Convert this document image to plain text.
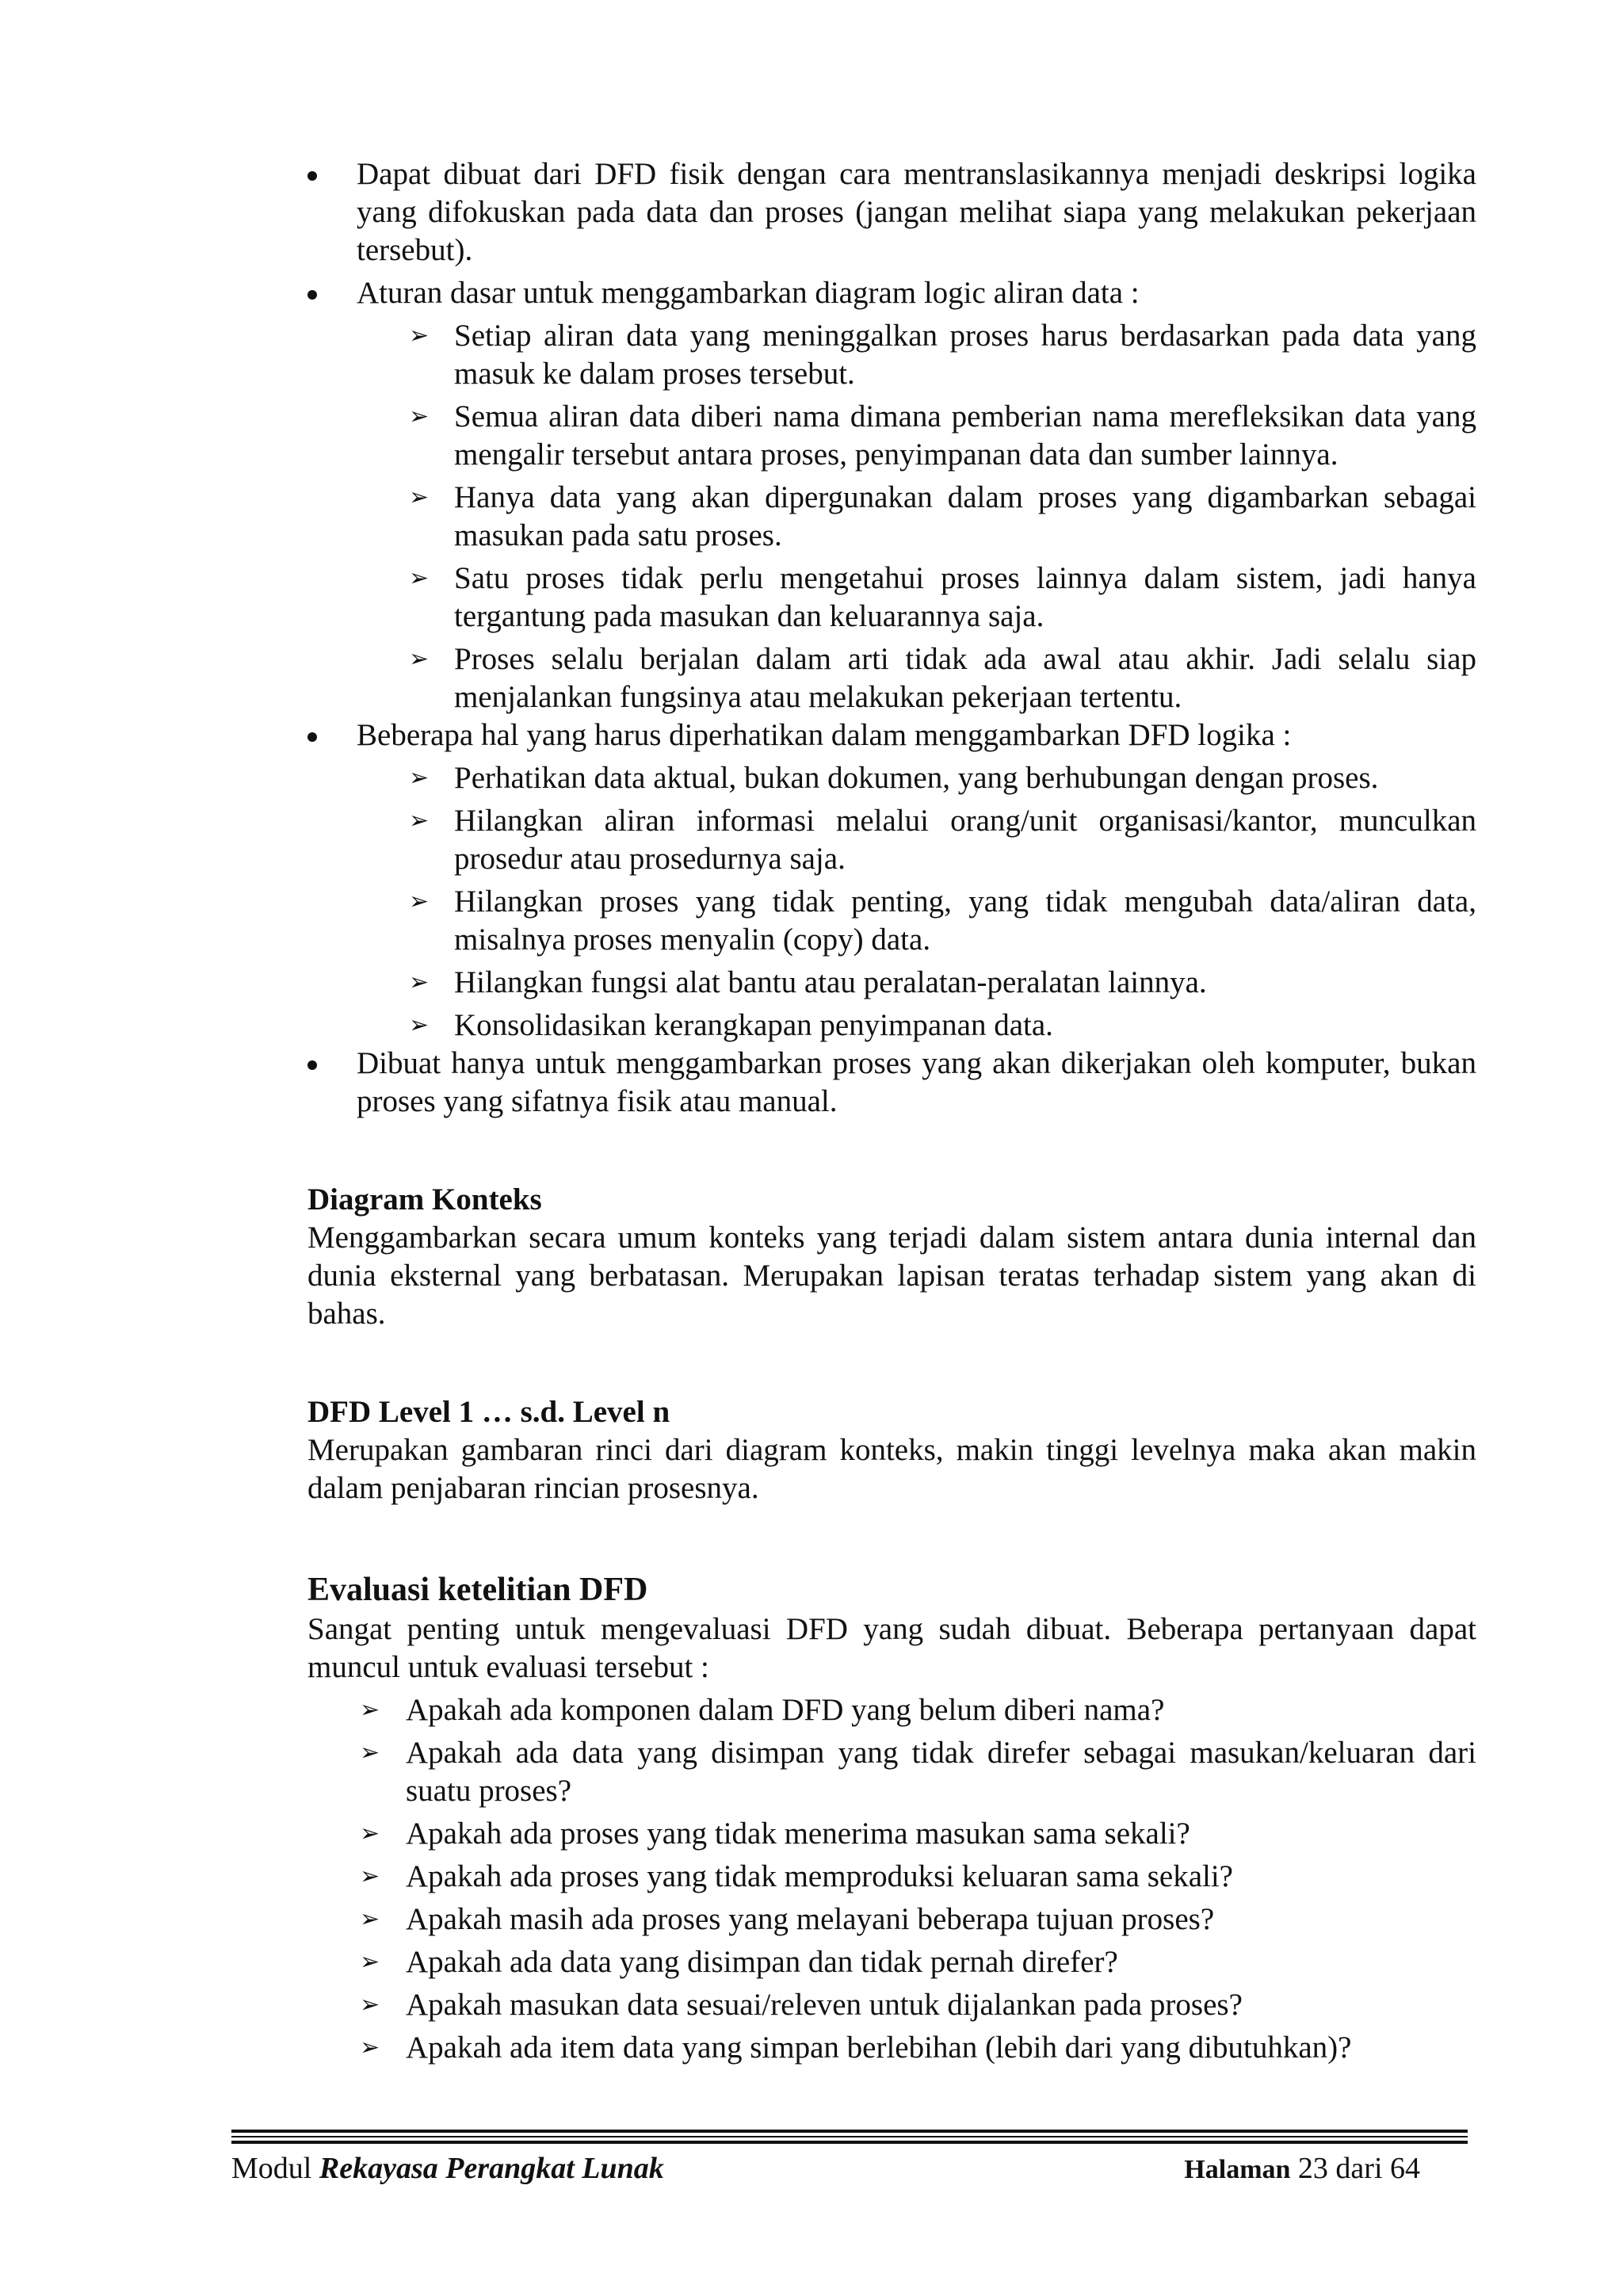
Dapat dibuat dari DFD fisik dengan cara mentranslasikannya menjadi deskripsi logika yang difokuskan pada data dan proses (jangan melihat siapa yang melakukan pekerjaan tersebut).
Aturan dasar untuk menggambarkan diagram logic aliran data :
➢ Setiap aliran data yang meninggalkan proses harus berdasarkan pada data yang masuk ke dalam proses tersebut.
➢ Semua aliran data diberi nama dimana pemberian nama merefleksikan data yang mengalir tersebut antara proses, penyimpanan data dan sumber lainnya.
➢ Hanya data yang akan dipergunakan dalam proses yang digambarkan sebagai masukan pada satu proses.
➢ Satu proses tidak perlu mengetahui proses lainnya dalam sistem, jadi hanya tergantung pada masukan dan keluarannya saja.
➢ Proses selalu berjalan dalam arti tidak ada awal atau akhir. Jadi selalu siap menjalankan fungsinya atau melakukan pekerjaan tertentu.
Beberapa hal yang harus diperhatikan dalam menggambarkan DFD logika :
➢ Perhatikan data aktual, bukan dokumen, yang berhubungan dengan proses.
➢ Hilangkan aliran informasi melalui orang/unit organisasi/kantor, munculkan prosedur atau prosedurnya saja.
➢ Hilangkan proses yang tidak penting, yang tidak mengubah data/aliran data, misalnya proses menyalin (copy) data.
➢ Hilangkan fungsi alat bantu atau peralatan-peralatan lainnya.
➢ Konsolidasikan kerangkapan penyimpanan data.
Dibuat hanya untuk menggambarkan proses yang akan dikerjakan oleh komputer, bukan proses yang sifatnya fisik atau manual.

Diagram Konteks

Menggambarkan secara umum konteks yang terjadi dalam sistem antara dunia internal dan dunia eksternal yang berbatasan. Merupakan lapisan teratas terhadap sistem yang akan di bahas.

DFD Level 1 … s.d. Level n

Merupakan gambaran rinci dari diagram konteks, makin tinggi levelnya maka akan makin dalam penjabaran rincian prosesnya.

Evaluasi ketelitian DFD

Sangat penting untuk mengevaluasi DFD yang sudah dibuat. Beberapa pertanyaan dapat muncul untuk evaluasi tersebut :

➢ Apakah ada komponen dalam DFD yang belum diberi nama?
➢ Apakah ada data yang disimpan yang tidak direfer sebagai masukan/keluaran dari suatu proses?
➢ Apakah ada proses yang tidak menerima masukan sama sekali?
➢ Apakah ada proses yang tidak memproduksi keluaran sama sekali?
➢ Apakah masih ada proses yang melayani beberapa tujuan proses?
➢ Apakah ada data yang disimpan dan tidak pernah direfer?
➢ Apakah masukan data sesuai/releven untuk dijalankan pada proses?
➢ Apakah ada item data yang simpan berlebihan (lebih dari yang dibutuhkan)?
Modul Rekayasa Perangkat Lunak	Halaman 23 dari 64
